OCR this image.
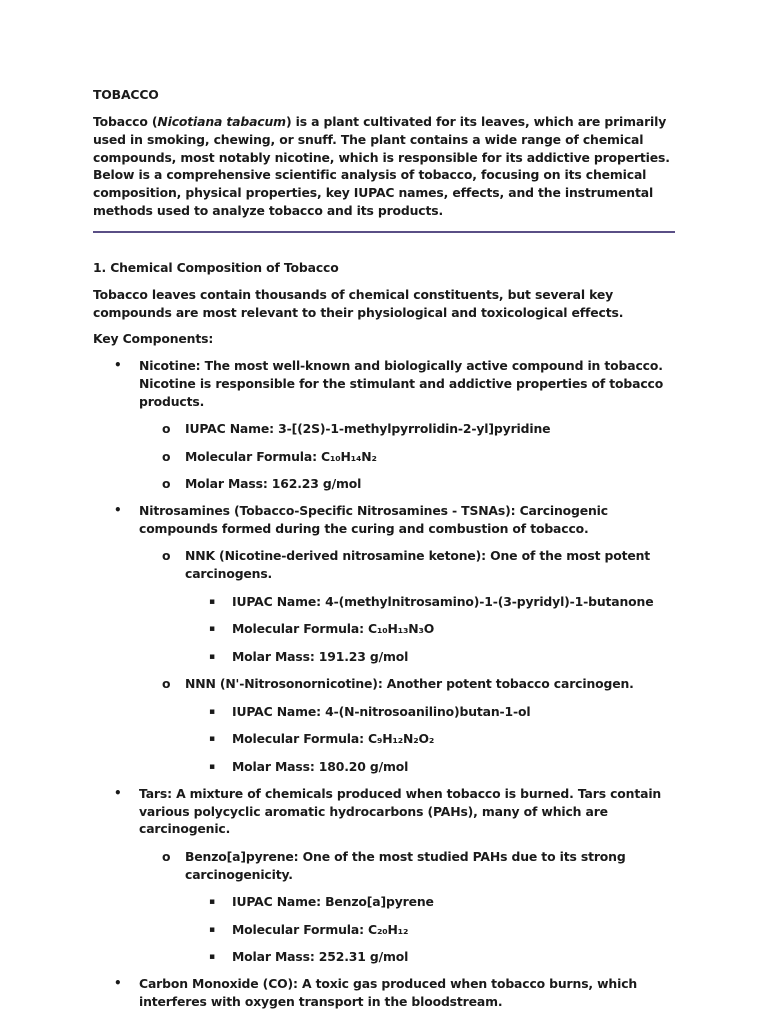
TOBACCO

Tobacco (Nicotiana tabacum) is a plant cultivated for its leaves, which are primarily used in smoking, chewing, or snuff. The plant contains a wide range of chemical compounds, most notably nicotine, which is responsible for its addictive properties. Below is a comprehensive scientific analysis of tobacco, focusing on its chemical composition, physical properties, key IUPAC names, effects, and the instrumental methods used to analyze tobacco and its products.

1. Chemical Composition of Tobacco

Tobacco leaves contain thousands of chemical constituents, but several key compounds are most relevant to their physiological and toxicological effects.

Key Components:
• Nicotine: The most well-known and biologically active compound in tobacco. Nicotine is responsible for the stimulant and addictive properties of tobacco products.
o IUPAC Name: 3-[(2S)-1-methylpyrrolidin-2-yl]pyridine
o Molecular Formula: C₁₀H₁₄N₂
o Molar Mass: 162.23 g/mol
• Nitrosamines (Tobacco-Specific Nitrosamines - TSNAs): Carcinogenic compounds formed during the curing and combustion of tobacco.
o NNK (Nicotine-derived nitrosamine ketone): One of the most potent carcinogens.
▪ IUPAC Name: 4-(methylnitrosamino)-1-(3-pyridyl)-1-butanone
▪ Molecular Formula: C₁₀H₁₃N₃O
▪ Molar Mass: 191.23 g/mol
o NNN (N'-Nitrosonornicotine): Another potent tobacco carcinogen.
▪ IUPAC Name: 4-(N-nitrosoanilino)butan-1-ol
▪ Molecular Formula: C₉H₁₂N₂O₂
▪ Molar Mass: 180.20 g/mol
• Tars: A mixture of chemicals produced when tobacco is burned. Tars contain various polycyclic aromatic hydrocarbons (PAHs), many of which are carcinogenic.
o Benzo[a]pyrene: One of the most studied PAHs due to its strong carcinogenicity.
▪ IUPAC Name: Benzo[a]pyrene
▪ Molecular Formula: C₂₀H₁₂
▪ Molar Mass: 252.31 g/mol
• Carbon Monoxide (CO): A toxic gas produced when tobacco burns, which interferes with oxygen transport in the bloodstream.
